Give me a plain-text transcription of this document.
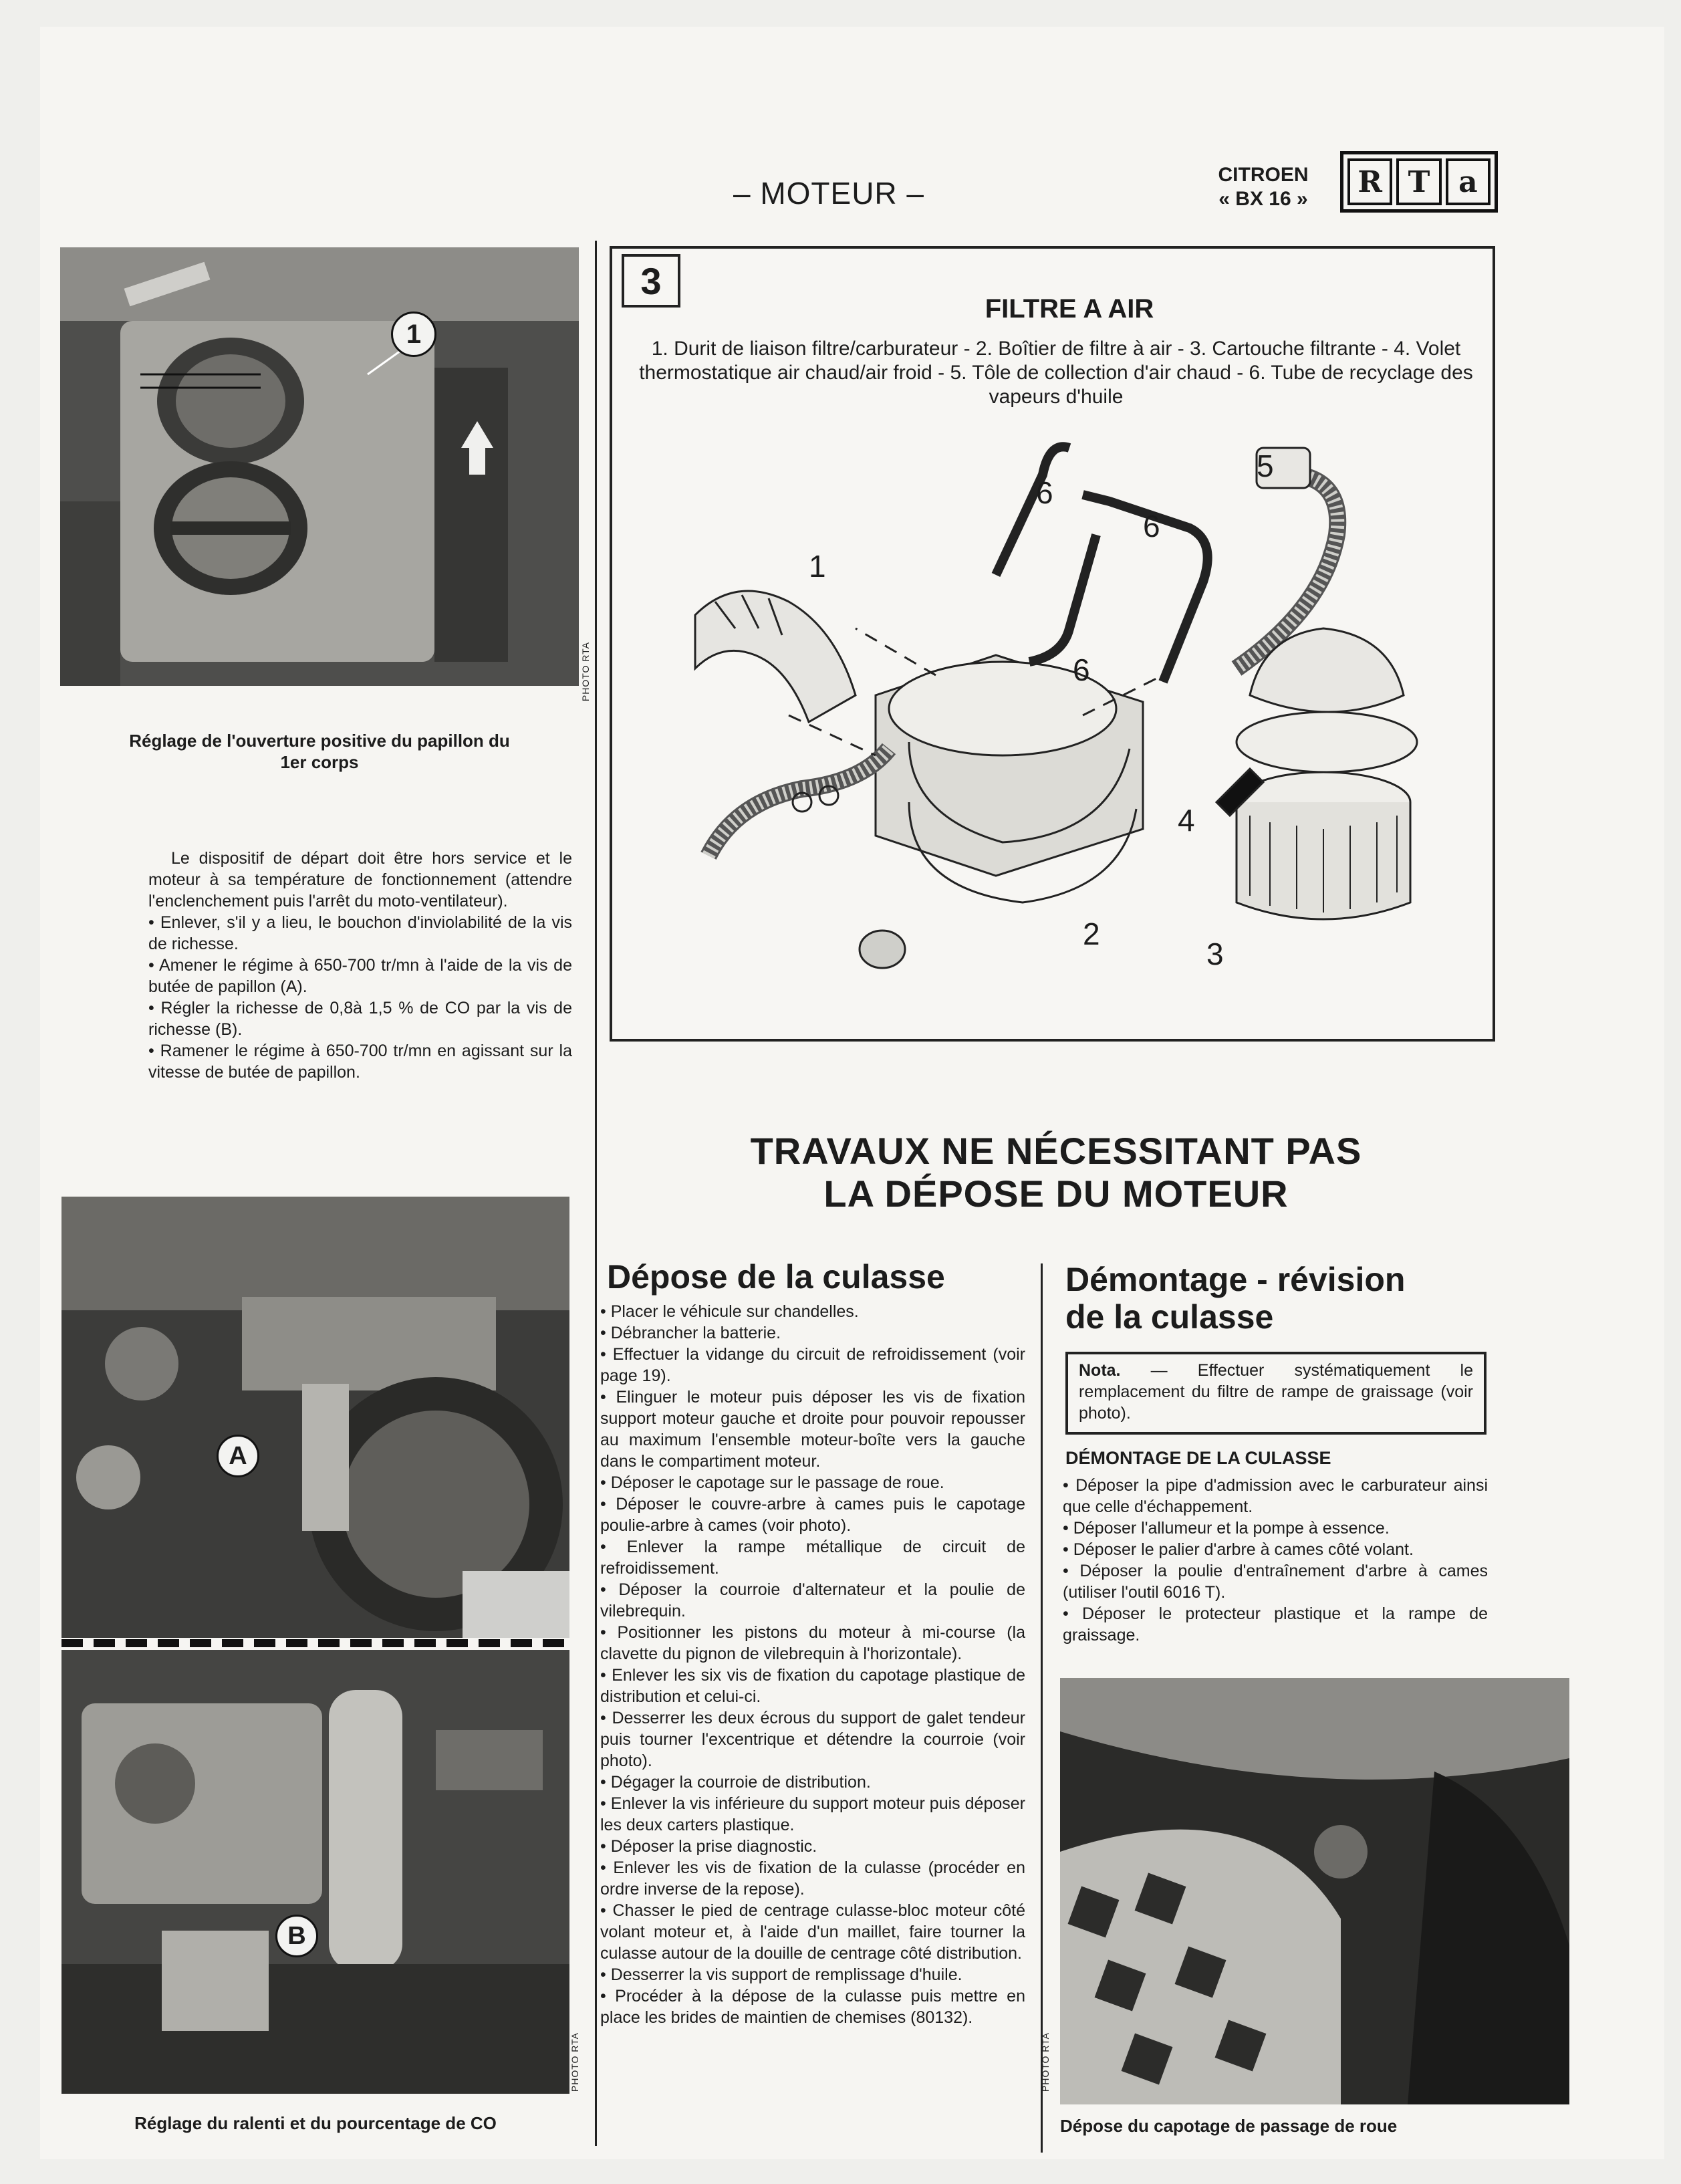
– MOTEUR –
CITROEN
« BX 16 »	R T a
1
PHOTO RTA
Réglage de l'ouverture positive du papillon du
1er corps

Le dispositif de départ doit être hors service et le moteur à sa température de fonctionnement (attendre l'enclenchement puis l'arrêt du moto-ventilateur).

• Enlever, s'il y a lieu, le bouchon d'inviolabilité de la vis de richesse.
• Amener le régime à 650-700 tr/mn à l'aide de la vis de butée de papillon (A).
• Régler la richesse de 0,8à 1,5 % de CO par la vis de richesse (B).
• Ramener le régime à 650-700 tr/mn en agissant sur la vitesse de butée de papillon.
A
B
PHOTO RTA
Réglage du ralenti et du pourcentage de CO
3
FILTRE A AIR
1. Durit de liaison filtre/carburateur - 2. Boîtier de filtre à air - 3. Cartouche filtrante - 4. Volet thermostatique air chaud/air froid - 5. Tôle de collection d'air chaud - 6. Tube de recyclage des vapeurs d'huile
1
2
3
4
5
6
6
6
TRAVAUX NE NÉCESSITANT PAS
LA DÉPOSE DU MOTEUR
Dépose de la culasse
• Placer le véhicule sur chandelles.
• Débrancher la batterie.
• Effectuer la vidange du circuit de refroidissement (voir page 19).
• Elinguer le moteur puis déposer les vis de fixation support moteur gauche et droite pour pouvoir repousser au maximum l'ensemble moteur-boîte vers la gauche dans le compartiment moteur.
• Déposer le capotage sur le passage de roue.
• Déposer le couvre-arbre à cames puis le capotage poulie-arbre à cames (voir photo).
• Enlever la rampe métallique de circuit de refroidissement.
• Déposer la courroie d'alternateur et la poulie de vilebrequin.
• Positionner les pistons du moteur à mi-course (la clavette du pignon de vilebrequin à l'horizontale).
• Enlever les six vis de fixation du capotage plastique de distribution et celui-ci.
• Desserrer les deux écrous du support de galet tendeur puis tourner l'excentrique et détendre la courroie (voir photo).
• Dégager la courroie de distribution.
• Enlever la vis inférieure du support moteur puis déposer les deux carters plastique.
• Déposer la prise diagnostic.
• Enlever les vis de fixation de la culasse (procéder en ordre inverse de la repose).
• Chasser le pied de centrage culasse-bloc moteur côté volant moteur et, à l'aide d'un maillet, faire tourner la culasse autour de la douille de centrage côté distribution.
• Desserrer la vis support de remplissage d'huile.
• Procéder à la dépose de la culasse puis mettre en place les brides de maintien de chemises (80132).
Démontage - révision
de la culasse
Nota. — Effectuer systématiquement le remplacement du filtre de rampe de graissage (voir photo).
DÉMONTAGE DE LA CULASSE
• Déposer la pipe d'admission avec le carburateur ainsi que celle d'échappement.
• Déposer l'allumeur et la pompe à essence.
• Déposer le palier d'arbre à cames côté volant.
• Déposer la poulie d'entraînement d'arbre à cames (utiliser l'outil 6016 T).
• Déposer le protecteur plastique et la rampe de graissage.
PHOTO RTA
Dépose du capotage de passage de roue
